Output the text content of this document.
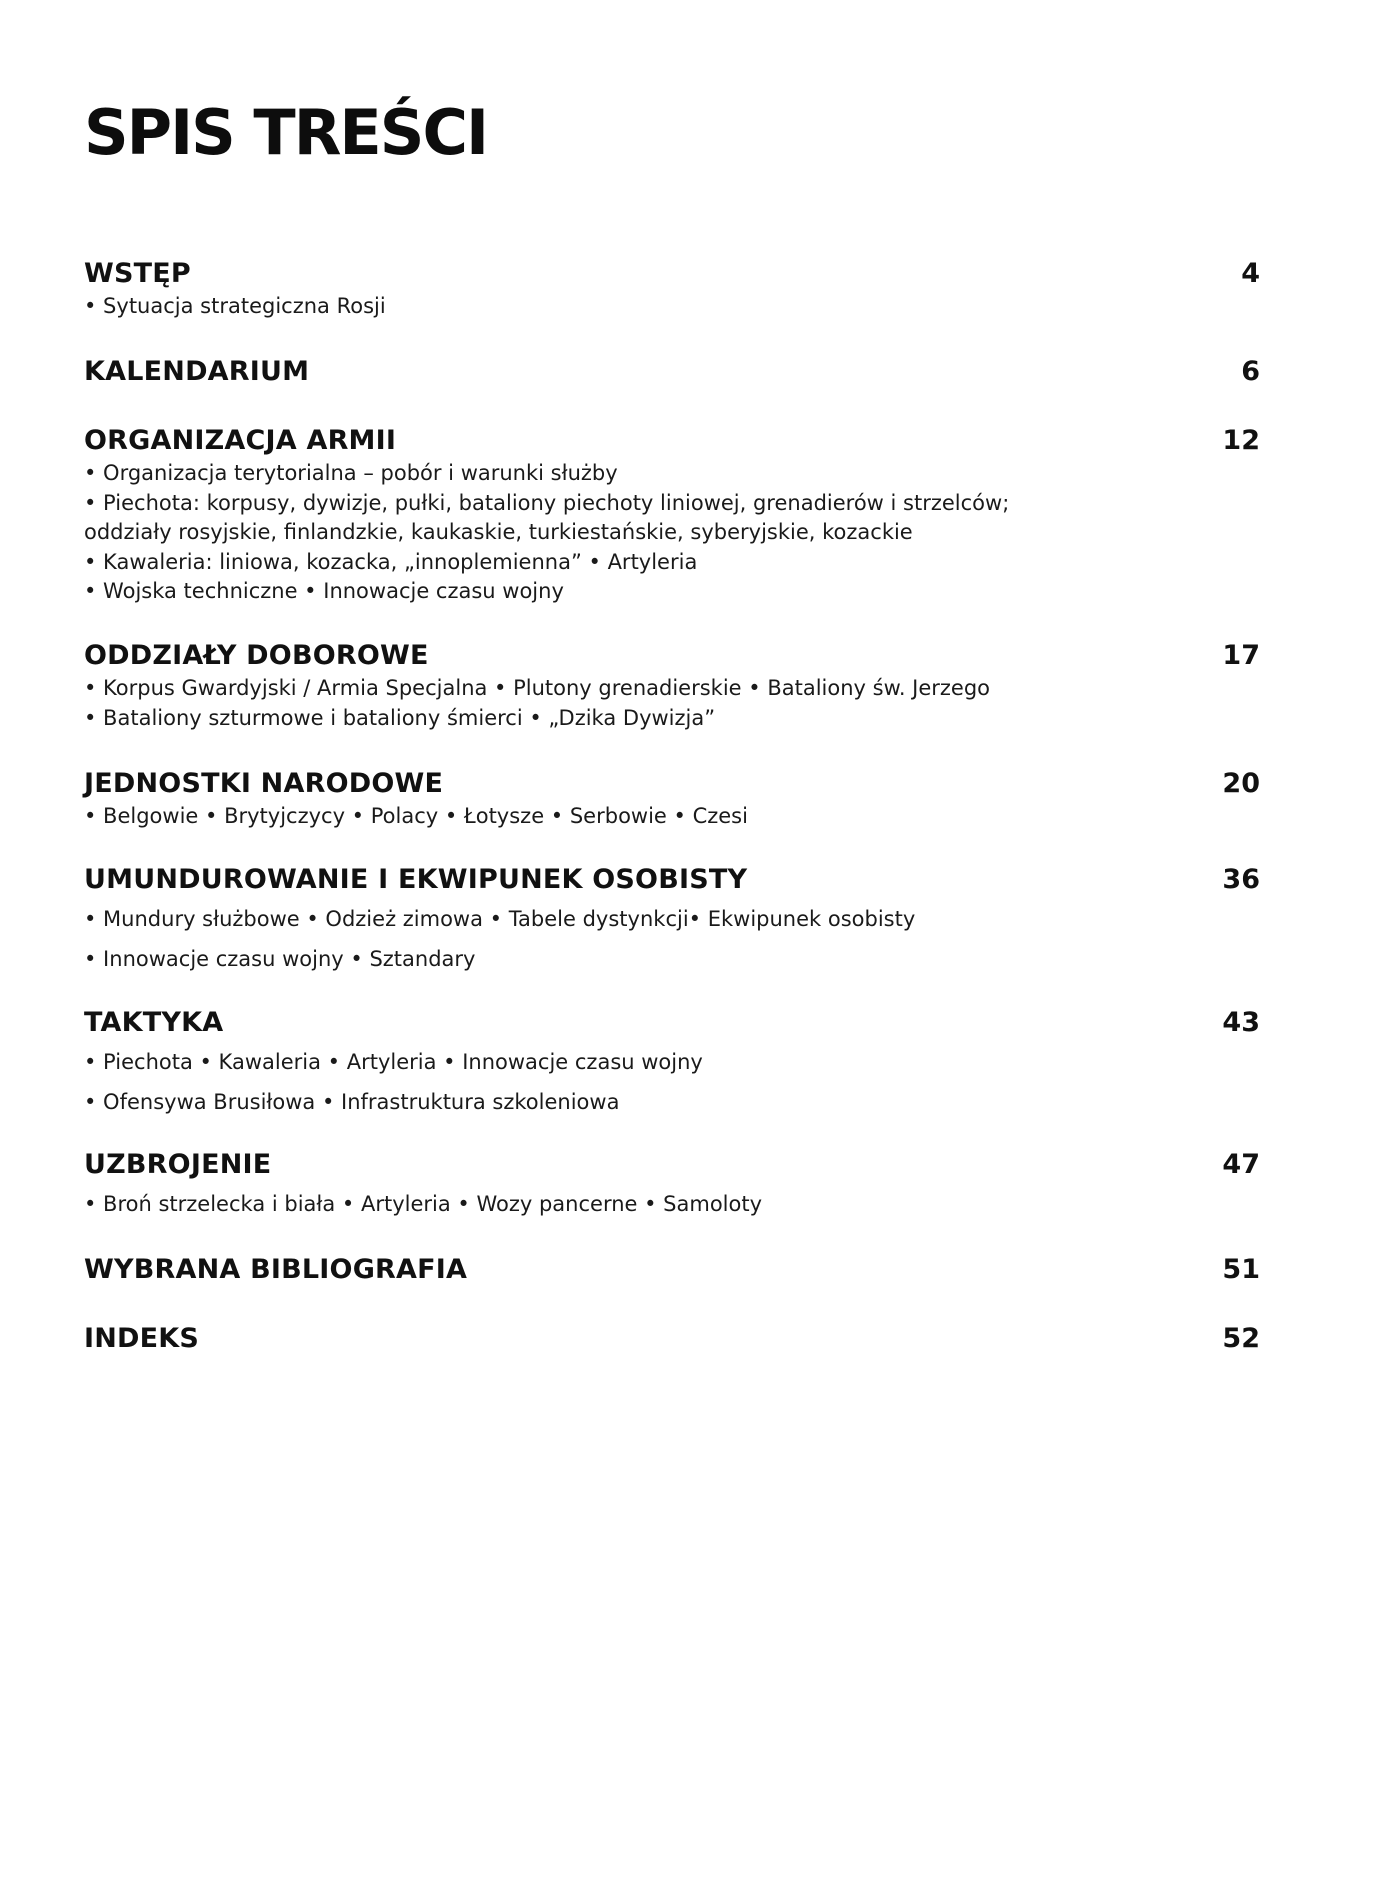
SPIS TREŚCI
WSTĘP	4
• Sytuacja strategiczna Rosji
KALENDARIUM	6
ORGANIZACJA ARMII	12
• Organizacja terytorialna – pobór i warunki służby
• Piechota: korpusy, dywizje, pułki, bataliony piechoty liniowej, grenadierów i strzelców;
oddziały rosyjskie, finlandzkie, kaukaskie, turkiestańskie, syberyjskie, kozackie
• Kawaleria: liniowa, kozacka, „innoplemienna” • Artyleria
• Wojska techniczne • Innowacje czasu wojny
ODDZIAŁY DOBOROWE	17
• Korpus Gwardyjski / Armia Specjalna • Plutony grenadierskie • Bataliony św. Jerzego
• Bataliony szturmowe i bataliony śmierci • „Dzika Dywizja”
JEDNOSTKI NARODOWE	20
• Belgowie • Brytyjczycy • Polacy • Łotysze • Serbowie • Czesi
UMUNDUROWANIE I EKWIPUNEK OSOBISTY	36
• Mundury służbowe • Odzież zimowa • Tabele dystynkcji• Ekwipunek osobisty
• Innowacje czasu wojny • Sztandary
TAKTYKA	43
• Piechota • Kawaleria • Artyleria • Innowacje czasu wojny
• Ofensywa Brusiłowa • Infrastruktura szkoleniowa
UZBROJENIE	47
• Broń strzelecka i biała • Artyleria • Wozy pancerne • Samoloty
WYBRANA BIBLIOGRAFIA	51
INDEKS	52
